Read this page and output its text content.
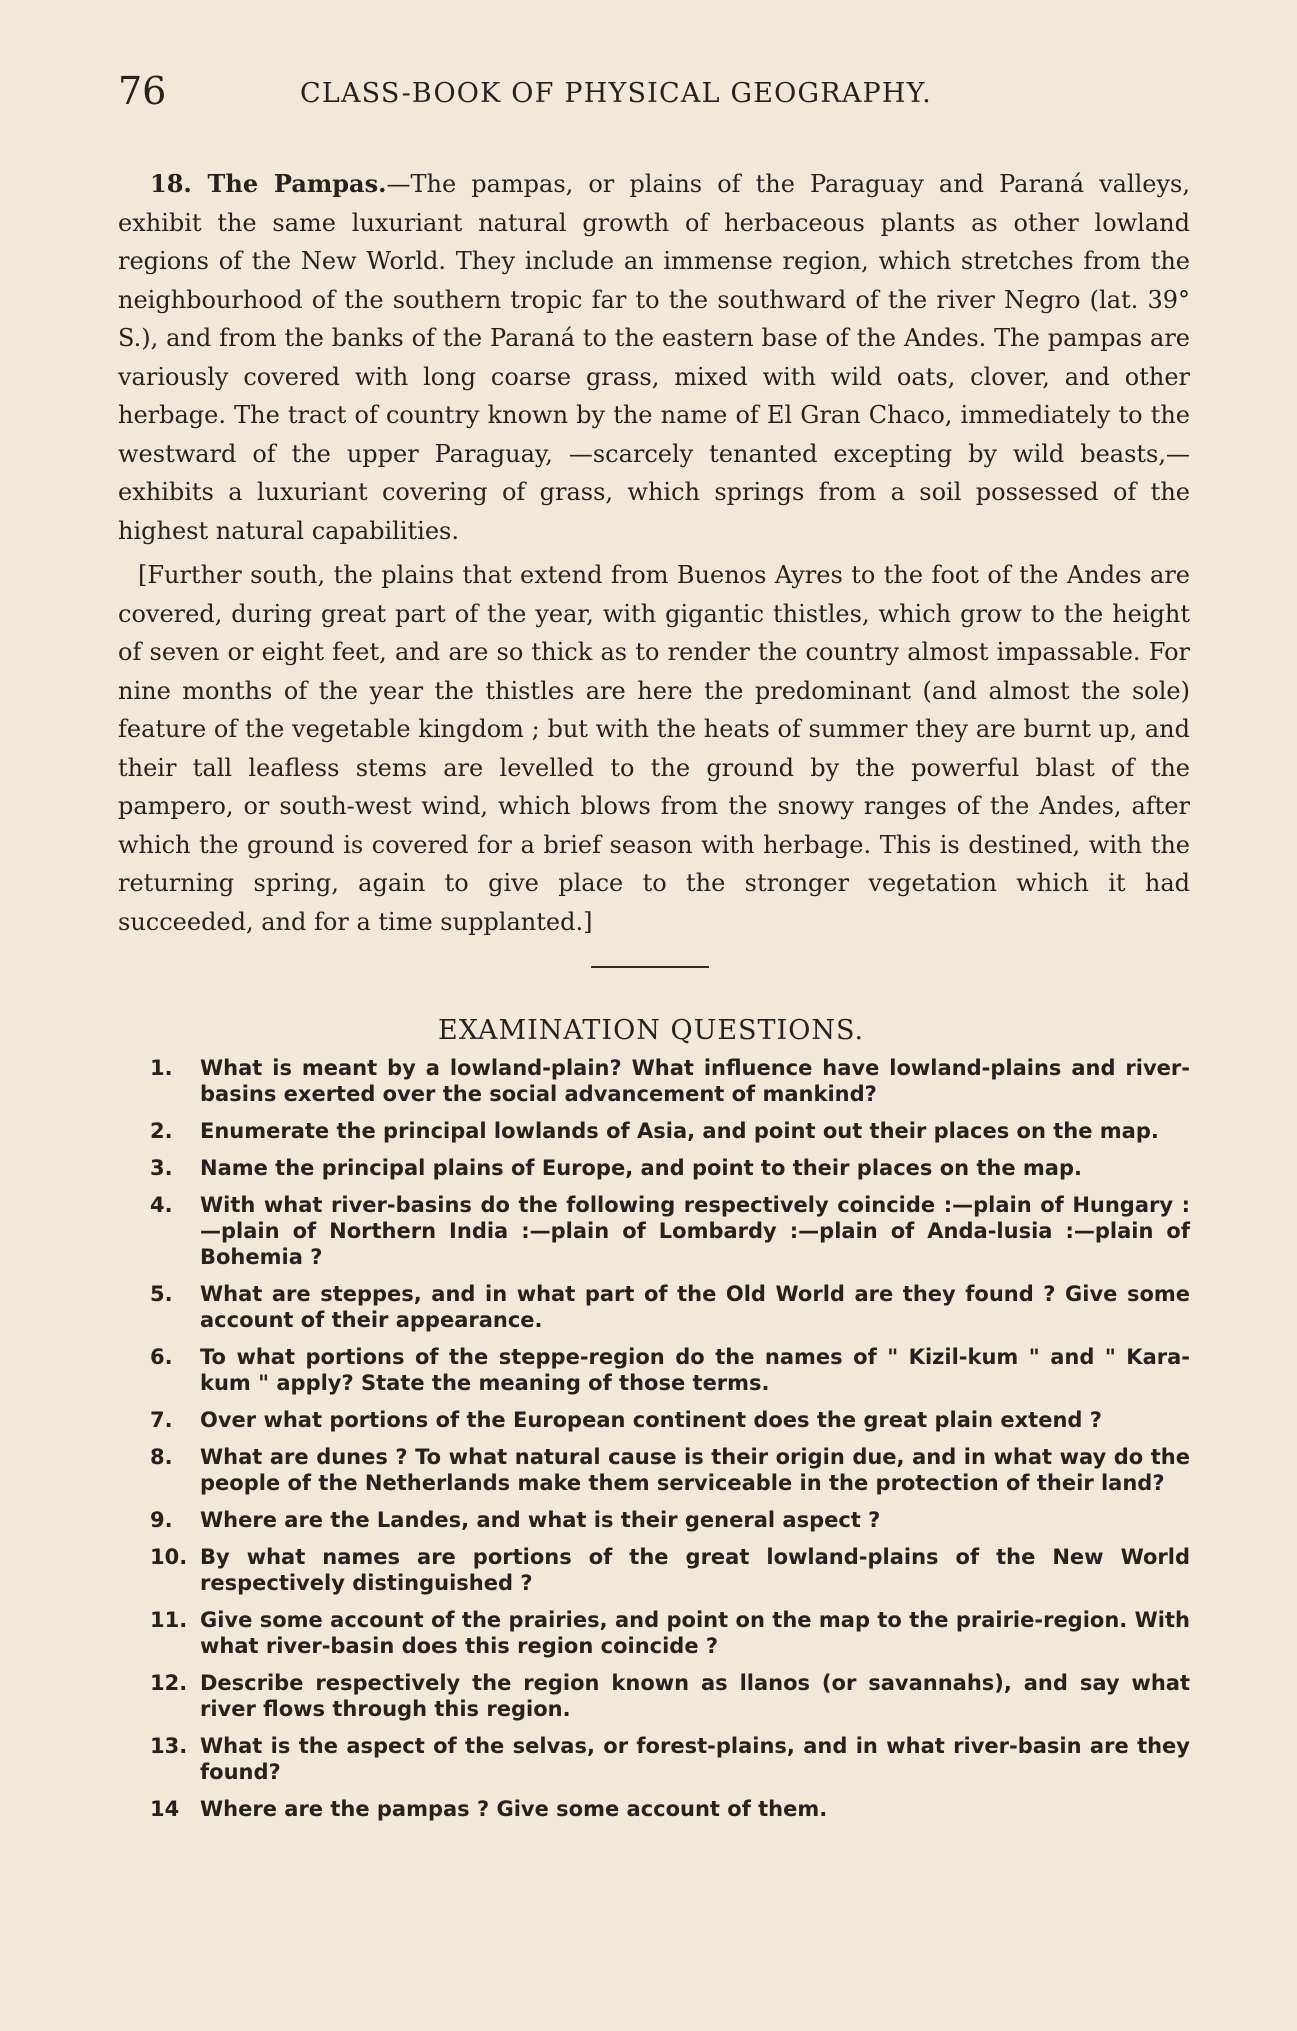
76	CLASS-BOOK OF PHYSICAL GEOGRAPHY.

18. The Pampas.—The pampas, or plains of the Paraguay and Paraná valleys, exhibit the same luxuriant natural growth of herbaceous plants as other lowland regions of the New World. They include an immense region, which stretches from the neighbourhood of the southern tropic far to the southward of the river Negro (lat. 39° S.), and from the banks of the Paraná to the eastern base of the Andes. The pampas are variously covered with long coarse grass, mixed with wild oats, clover, and other herbage. The tract of country known by the name of El Gran Chaco, immediately to the westward of the upper Paraguay, —scarcely tenanted excepting by wild beasts,—exhibits a luxuriant covering of grass, which springs from a soil possessed of the highest natural capabilities.

[Further south, the plains that extend from Buenos Ayres to the foot of the Andes are covered, during great part of the year, with gigantic thistles, which grow to the height of seven or eight feet, and are so thick as to render the country almost impassable. For nine months of the year the thistles are here the predominant (and almost the sole) feature of the vegetable kingdom ; but with the heats of summer they are burnt up, and their tall leafless stems are levelled to the ground by the powerful blast of the pampero, or south-west wind, which blows from the snowy ranges of the Andes, after which the ground is covered for a brief season with herbage. This is destined, with the returning spring, again to give place to the stronger vegetation which it had succeeded, and for a time supplanted.]

EXAMINATION QUESTIONS.

1.	What is meant by a lowland-plain? What influence have lowland-plains and river-basins exerted over the social advancement of mankind?

2.	Enumerate the principal lowlands of Asia, and point out their places on the map.

3.	Name the principal plains of Europe, and point to their places on the map.

4.	With what river-basins do the following respectively coincide :—plain of Hungary :—plain of Northern India :—plain of Lombardy :—plain of Anda-lusia :—plain of Bohemia ?

5.	What are steppes, and in what part of the Old World are they found ? Give some account of their appearance.

6.	To what portions of the steppe-region do the names of " Kizil-kum " and " Kara-kum " apply? State the meaning of those terms.

7.	Over what portions of the European continent does the great plain extend ?

8.	What are dunes ? To what natural cause is their origin due, and in what way do the people of the Netherlands make them serviceable in the protection of their land?

9.	Where are the Landes, and what is their general aspect ?

10. By what names are portions of the great lowland-plains of the New World respectively distinguished ?

11. Give some account of the prairies, and point on the map to the prairie-region. With what river-basin does this region coincide ?

12. Describe respectively the region known as llanos (or savannahs), and say what river flows through this region.

13. What is the aspect of the selvas, or forest-plains, and in what river-basin are they found?

14 Where are the pampas ? Give some account of them.
